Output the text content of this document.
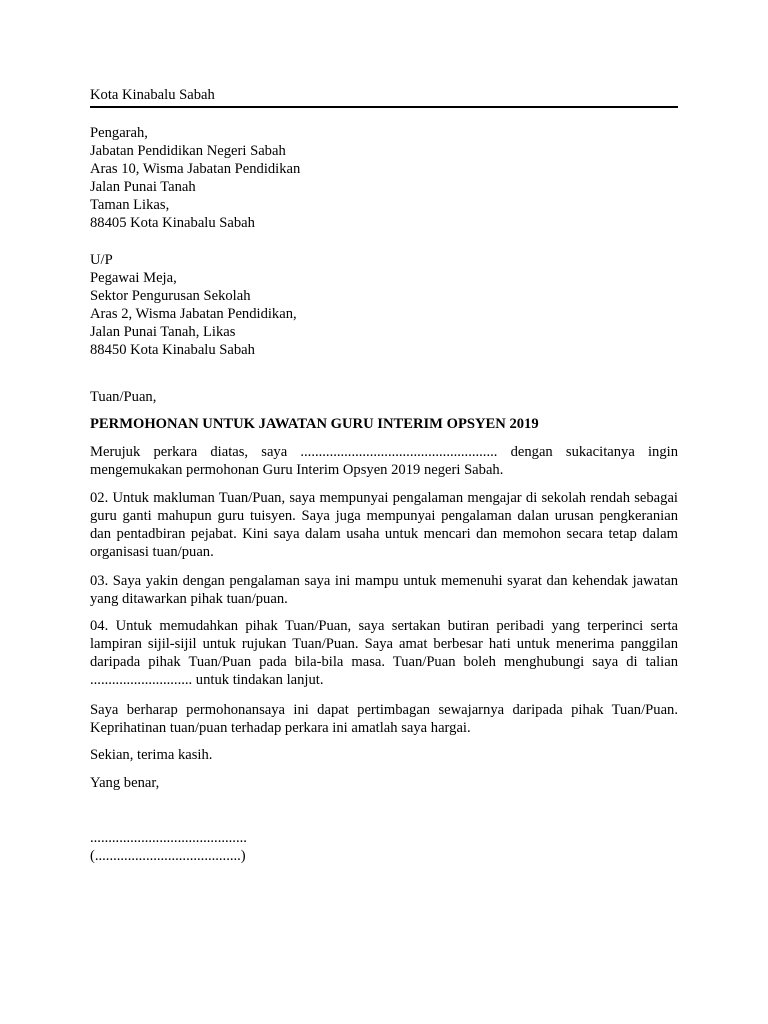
Kota Kinabalu Sabah
Pengarah,
Jabatan Pendidikan Negeri Sabah
Aras 10, Wisma Jabatan Pendidikan
Jalan Punai Tanah
Taman Likas,
88405 Kota Kinabalu Sabah
U/P
Pegawai Meja,
Sektor Pengurusan Sekolah
Aras 2, Wisma Jabatan Pendidikan,
Jalan Punai Tanah, Likas
88450 Kota Kinabalu Sabah
Tuan/Puan,
PERMOHONAN UNTUK JAWATAN GURU INTERIM OPSYEN 2019
Merujuk perkara diatas, saya ...................................................... dengan sukacitanya ingin mengemukakan permohonan Guru Interim Opsyen 2019 negeri Sabah.
02. Untuk makluman Tuan/Puan, saya mempunyai pengalaman mengajar di sekolah rendah sebagai guru ganti mahupun guru tuisyen. Saya juga mempunyai pengalaman dalan urusan pengkeranian dan pentadbiran pejabat. Kini saya dalam usaha untuk mencari dan memohon secara tetap dalam organisasi tuan/puan.
03. Saya yakin dengan pengalaman saya ini mampu untuk memenuhi syarat dan kehendak jawatan yang ditawarkan pihak tuan/puan.
04. Untuk memudahkan pihak Tuan/Puan, saya sertakan butiran peribadi yang terperinci serta lampiran sijil-sijil untuk rujukan Tuan/Puan. Saya amat berbesar hati untuk menerima panggilan daripada pihak Tuan/Puan pada bila-bila masa. Tuan/Puan boleh menghubungi saya di talian ............................ untuk tindakan lanjut.
Saya berharap permohonansaya ini dapat pertimbagan sewajarnya daripada pihak Tuan/Puan. Keprihatinan tuan/puan terhadap perkara ini amatlah saya hargai.
Sekian, terima kasih.
Yang benar,
...........................................
(........................................)
